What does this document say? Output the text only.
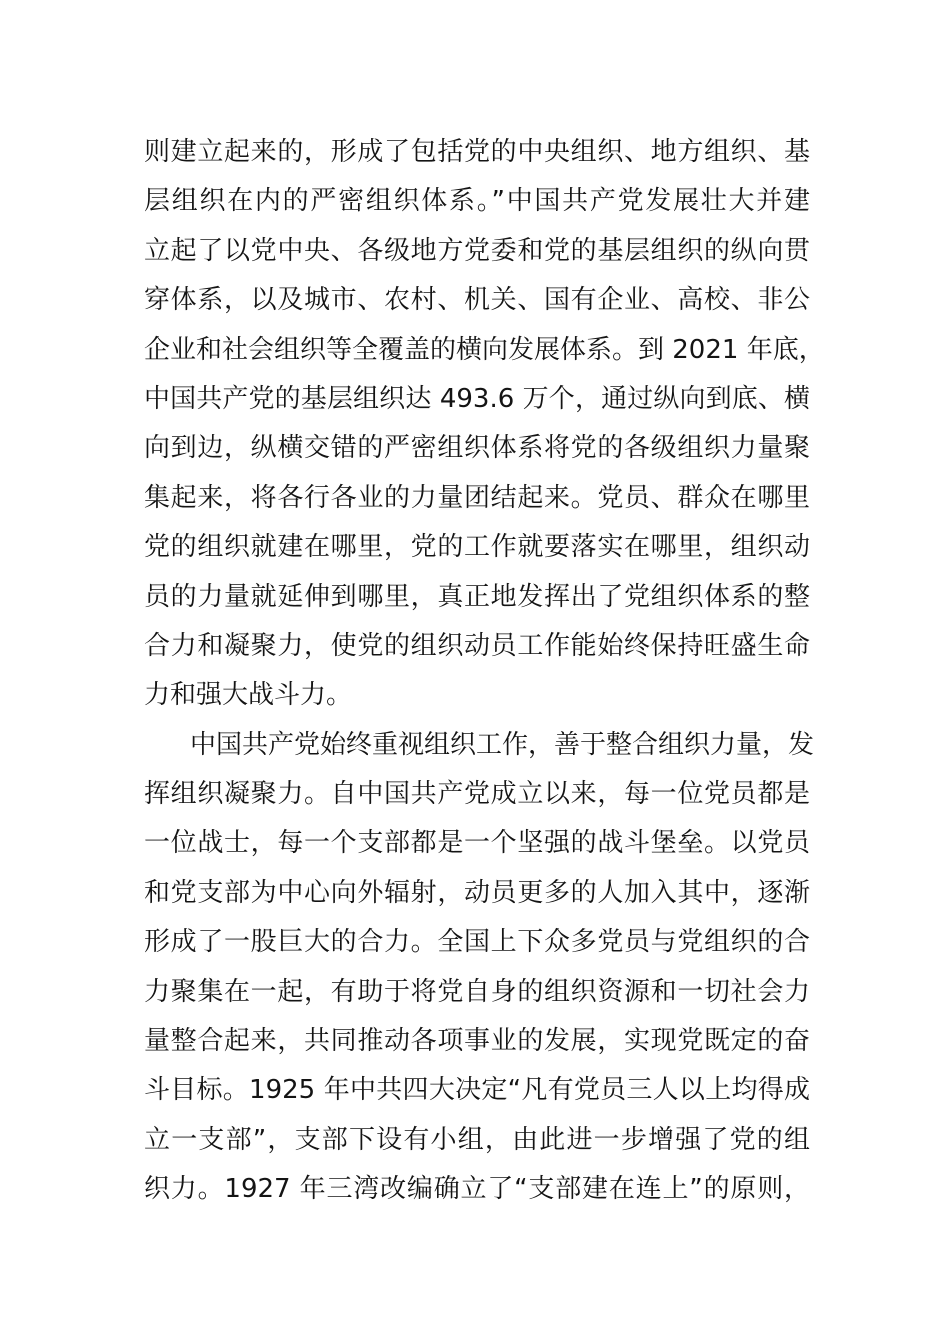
则建立起来的，形成了包括党的中央组织、地方组织、基
层组织在内的严密组织体系。”中国共产党发展壮大并建
立起了以党中央、各级地方党委和党的基层组织的纵向贯
穿体系，以及城市、农村、机关、国有企业、高校、非公
企业和社会组织等全覆盖的横向发展体系。到 2021 年底，
中国共产党的基层组织达 493.6 万个，通过纵向到底、横
向到边，纵横交错的严密组织体系将党的各级组织力量聚
集起来，将各行各业的力量团结起来。党员、群众在哪里
党的组织就建在哪里，党的工作就要落实在哪里，组织动
员的力量就延伸到哪里，真正地发挥出了党组织体系的整
合力和凝聚力，使党的组织动员工作能始终保持旺盛生命
力和强大战斗力。
中国共产党始终重视组织工作，善于整合组织力量，发
挥组织凝聚力。自中国共产党成立以来，每一位党员都是
一位战士，每一个支部都是一个坚强的战斗堡垒。以党员
和党支部为中心向外辐射，动员更多的人加入其中，逐渐
形成了一股巨大的合力。全国上下众多党员与党组织的合
力聚集在一起，有助于将党自身的组织资源和一切社会力
量整合起来，共同推动各项事业的发展，实现党既定的奋
斗目标。1925 年中共四大决定“凡有党员三人以上均得成
立一支部”，支部下设有小组，由此进一步增强了党的组
织力。1927 年三湾改编确立了“支部建在连上”的原则，
